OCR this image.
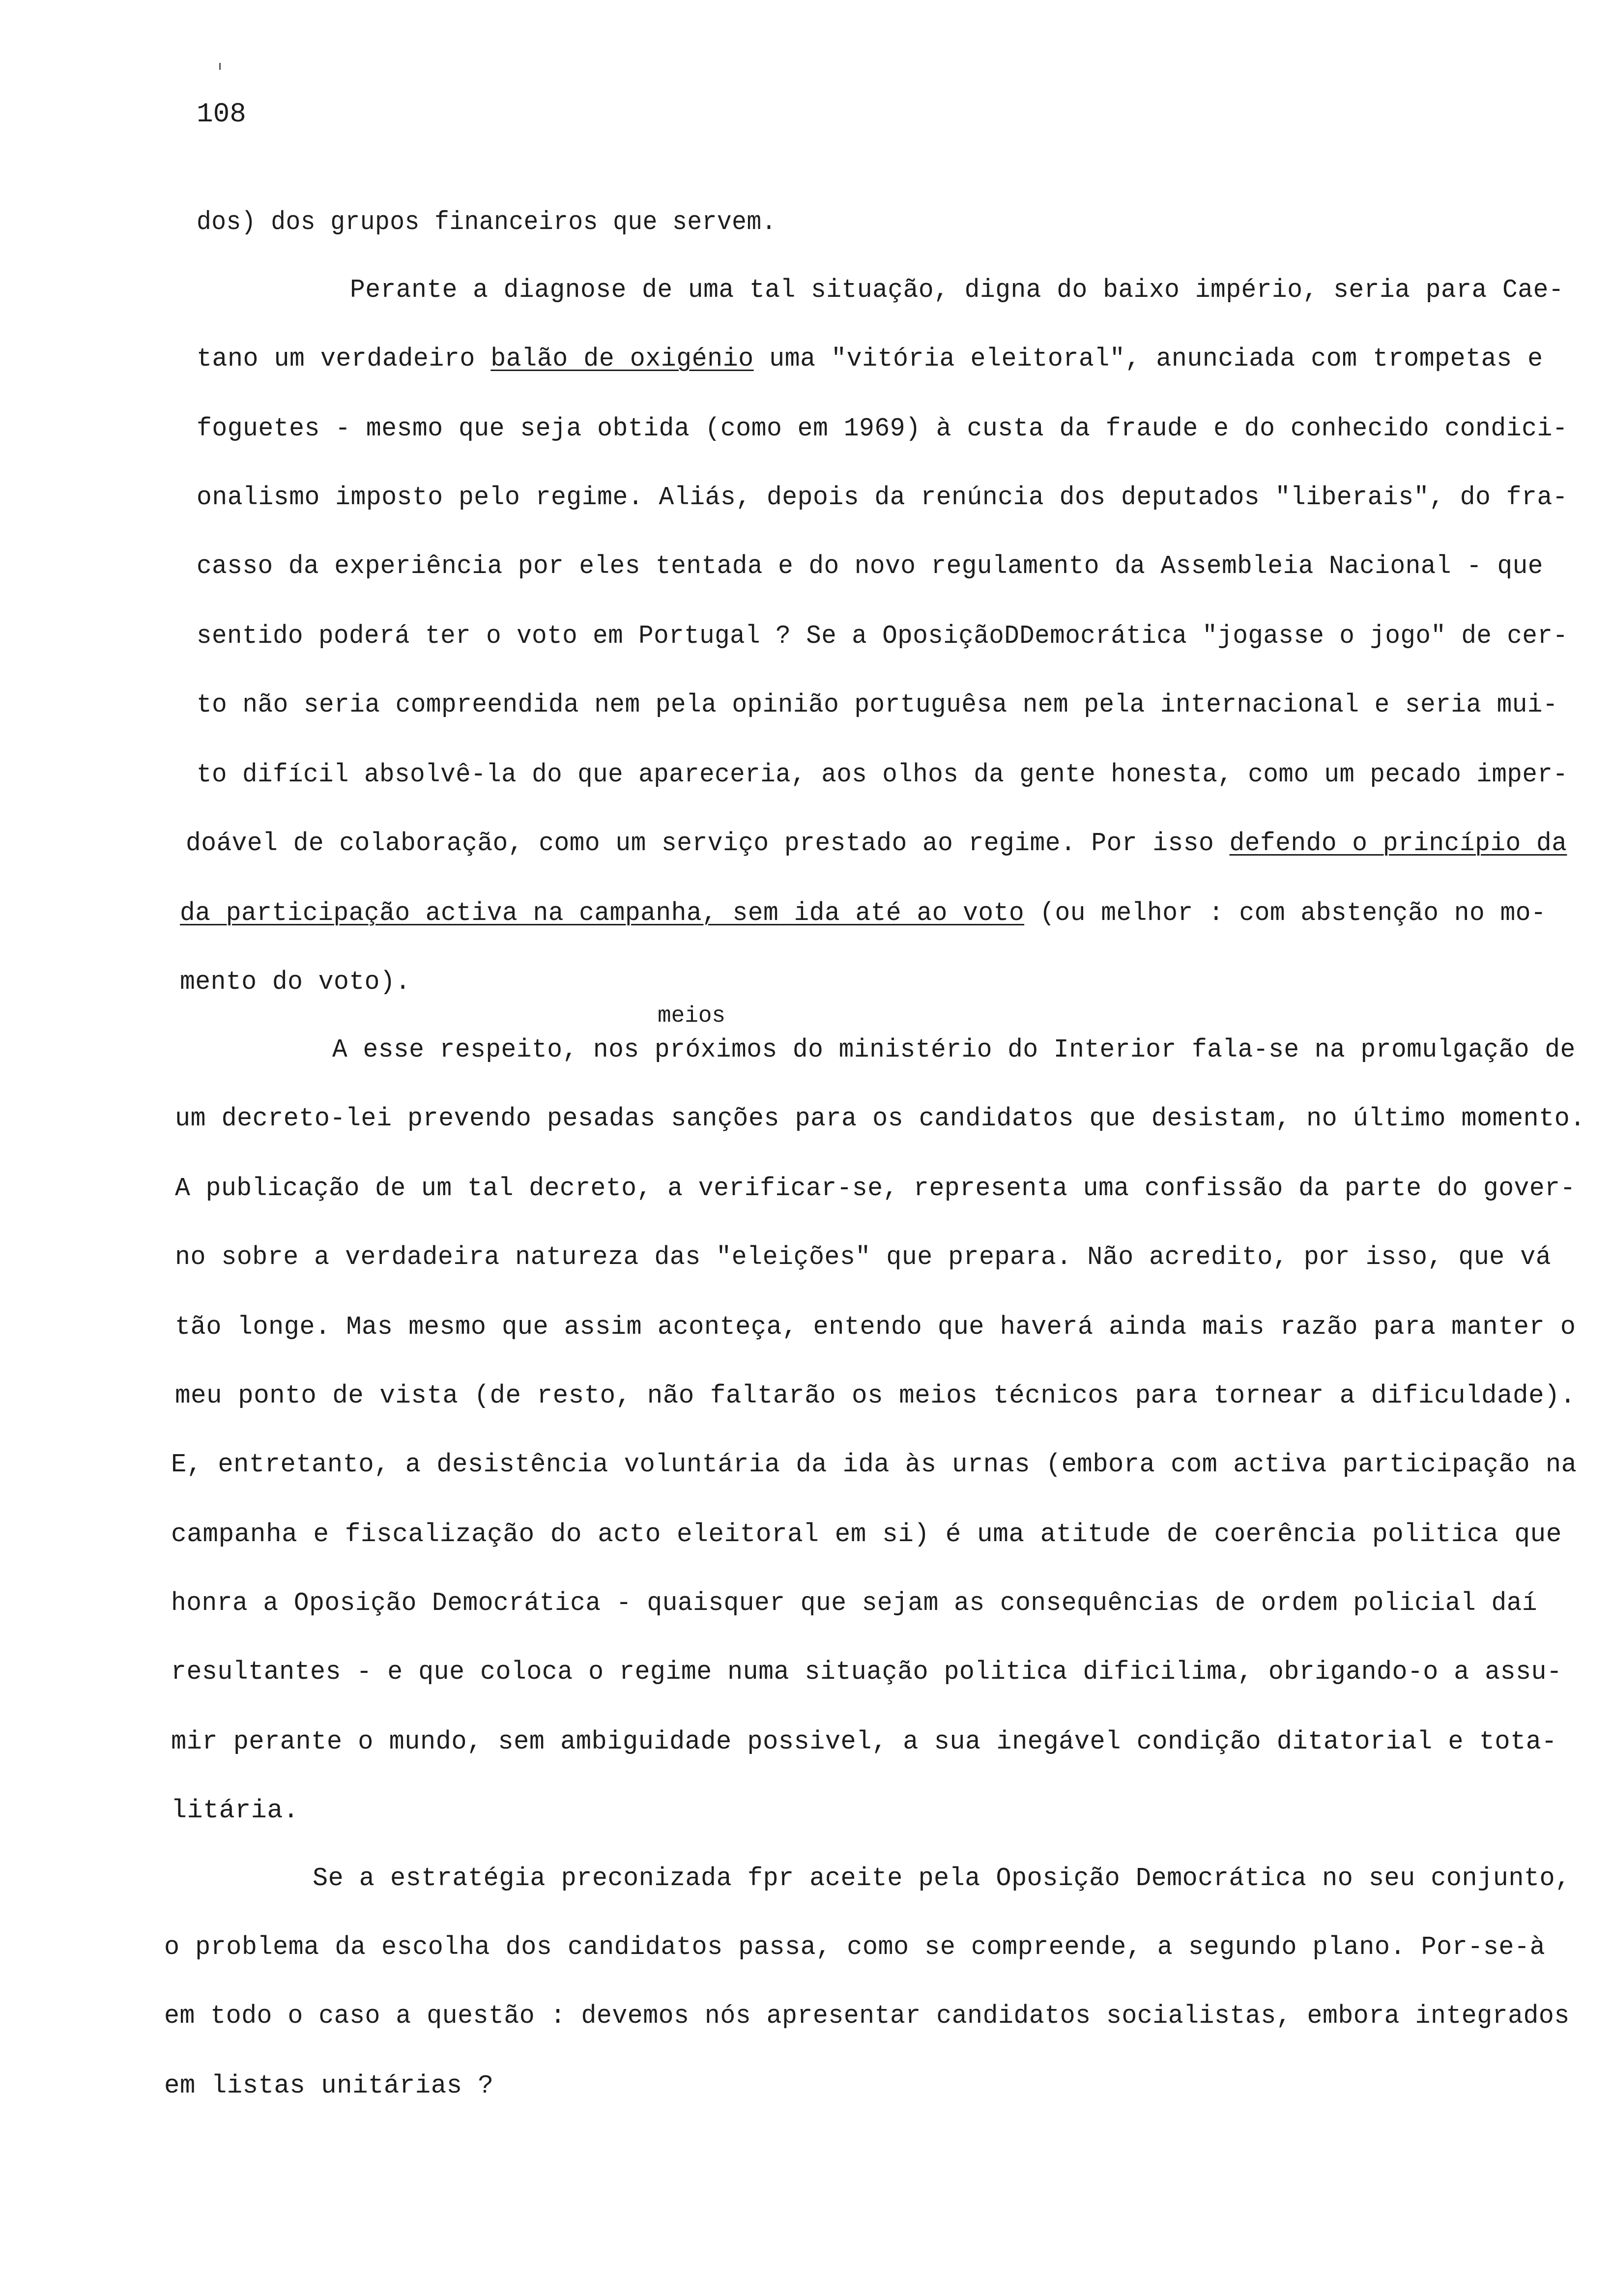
108
meios
dos) dos grupos financeiros que servem.
Perante a diagnose de uma tal situação, digna do baixo império, seria para Cae-
tano um verdadeiro balão de oxigénio uma "vitória eleitoral", anunciada com trompetas e
foguetes - mesmo que seja obtida (como em 1969) à custa da fraude e do conhecido condici-
onalismo imposto pelo regime. Aliás, depois da renúncia dos deputados "liberais", do fra-
casso da experiência por eles tentada e do novo regulamento da Assembleia Nacional - que
sentido poderá ter o voto em Portugal ? Se a OposiçãoDDemocrática "jogasse o jogo" de cer-
to não seria compreendida nem pela opinião portuguêsa nem pela internacional e seria mui-
to difícil absolvê-la do que apareceria, aos olhos da gente honesta, como um pecado imper-
doável de colaboração, como um serviço prestado ao regime. Por isso defendo o princípio da
da participação activa na campanha, sem ida até ao voto (ou melhor : com abstenção no mo-
mento do voto).
A esse respeito, nos próximos do ministério do Interior fala-se na promulgação de
um decreto-lei prevendo pesadas sanções para os candidatos que desistam, no último momento.
A publicação de um tal decreto, a verificar-se, representa uma confissão da parte do gover-
no sobre a verdadeira natureza das "eleições" que prepara. Não acredito, por isso, que vá
tão longe. Mas mesmo que assim aconteça, entendo que haverá ainda mais razão para manter o
meu ponto de vista (de resto, não faltarão os meios técnicos para tornear a dificuldade).
E, entretanto, a desistência voluntária da ida às urnas (embora com activa participação na
campanha e fiscalização do acto eleitoral em si) é uma atitude de coerência politica que
honra a Oposição Democrática - quaisquer que sejam as consequências de ordem policial daí
resultantes - e que coloca o regime numa situação politica dificilima, obrigando-o a assu-
mir perante o mundo, sem ambiguidade possivel, a sua inegável condição ditatorial e tota-
litária.
Se a estratégia preconizada fpr aceite pela Oposição Democrática no seu conjunto,
o problema da escolha dos candidatos passa, como se compreende, a segundo plano. Por-se-à
em todo o caso a questão : devemos nós apresentar candidatos socialistas, embora integrados
em listas unitárias ?
